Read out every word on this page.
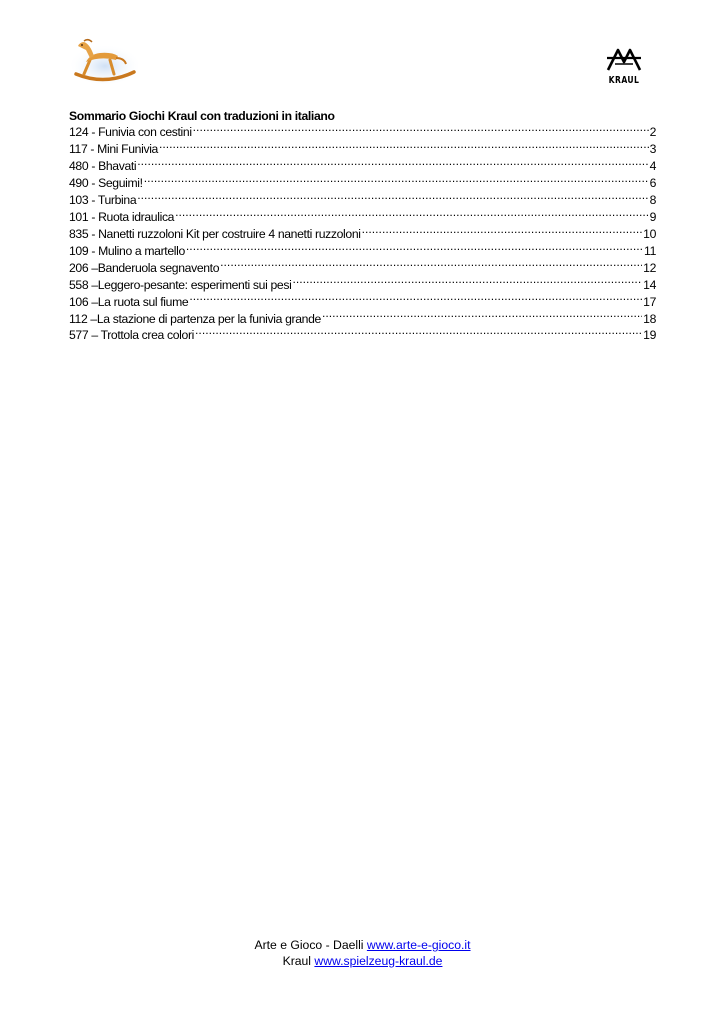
KRAUL
Sommario Giochi Kraul con traduzioni in italiano
124 - Funivia con cestini .....	2
117 - Mini Funivia .....	3
480 - Bhavati .....	4
490 - Seguimi! .....	6
103 - Turbina .....	8
101 - Ruota idraulica .....	9
835 - Nanetti ruzzoloni Kit per costruire 4 nanetti ruzzoloni .....	10
109 - Mulino a martello .....	11
206 –Banderuola segnavento .....	12
558 –Leggero-pesante: esperimenti sui pesi .....	14
106 –La ruota sul fiume .....	17
112 –La stazione di partenza per la funivia grande .....	18
577 – Trottola crea colori .....	19
Arte e Gioco - Daelli www.arte-e-gioco.it
Kraul www.spielzeug-kraul.de
